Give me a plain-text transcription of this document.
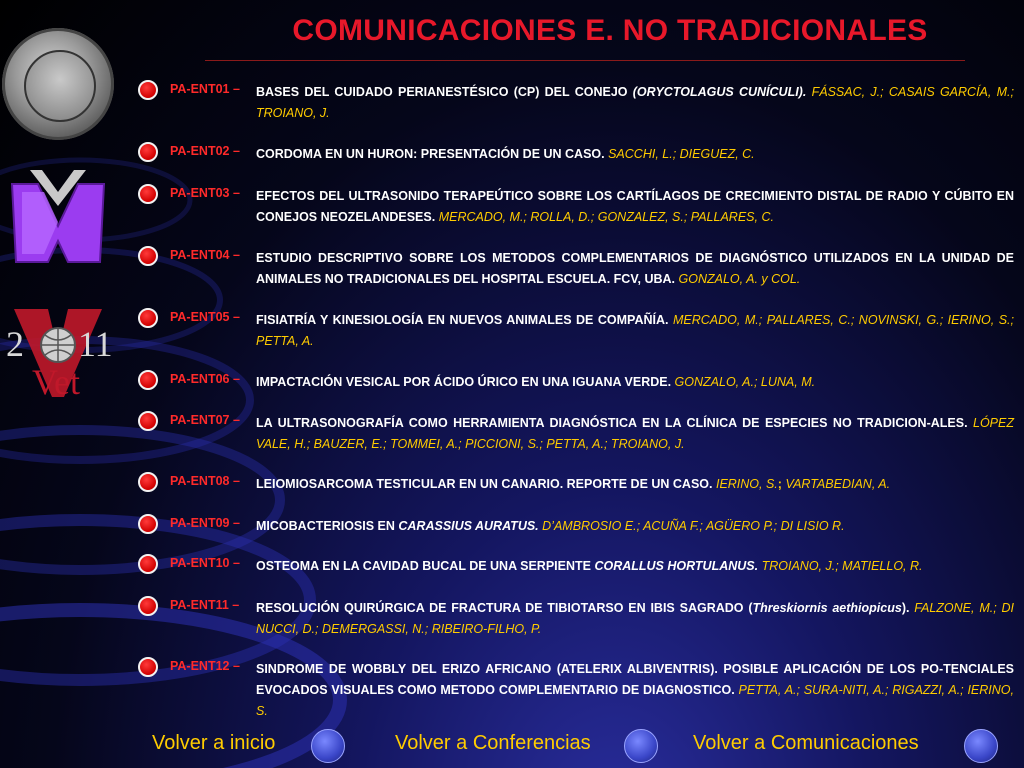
2 11
Vet
COMUNICACIONES E. NO TRADICIONALES
PA-ENT01 – BASES DEL CUIDADO PERIANESTÉSICO (CP) DEL CONEJO (ORYCTOLAGUS CUNÍCULI). FÁSSAC, J.; CASAIS GARCÍA, M.; TROIANO, J.
PA-ENT02 – CORDOMA EN UN HURON: PRESENTACIÓN DE UN CASO. SACCHI, L.; DIEGUEZ, C.
PA-ENT03 – EFECTOS DEL ULTRASONIDO TERAPEÚTICO SOBRE LOS CARTÍLAGOS DE CRECIMIENTO DISTAL DE RADIO Y CÚBITO EN CONEJOS NEOZELANDESES. MERCADO, M.; ROLLA, D.; GONZALEZ, S.; PALLARES, C.
PA-ENT04 – ESTUDIO DESCRIPTIVO SOBRE LOS METODOS COMPLEMENTARIOS DE DIAGNÓSTICO UTILIZADOS EN LA UNIDAD DE ANIMALES NO TRADICIONALES DEL HOSPITAL ESCUELA. FCV, UBA. GONZALO, A. y COL.
PA-ENT05 – FISIATRÍA Y KINESIOLOGÍA EN NUEVOS ANIMALES DE COMPAÑÍA. MERCADO, M.; PALLARES, C.; NOVINSKI, G.; IERINO, S.; PETTA, A.
PA-ENT06 – IMPACTACIÓN VESICAL POR ÁCIDO ÚRICO EN UNA IGUANA VERDE. GONZALO, A.; LUNA, M.
PA-ENT07 – LA ULTRASONOGRAFÍA COMO HERRAMIENTA DIAGNÓSTICA EN LA CLÍNICA DE ESPECIES NO TRADICION-ALES. LÓPEZ VALE, H.; BAUZER, E.; TOMMEI, A.; PICCIONI, S.; PETTA, A.; TROIANO, J.
PA-ENT08 – LEIOMIOSARCOMA TESTICULAR EN UN CANARIO. REPORTE DE UN CASO. IERINO, S.; VARTABEDIAN, A.
PA-ENT09 – MICOBACTERIOSIS EN CARASSIUS AURATUS. D’AMBROSIO E.; ACUÑA F.; AGÜERO P.; DI LISIO R.
PA-ENT10 – OSTEOMA EN LA CAVIDAD BUCAL DE UNA SERPIENTE CORALLUS HORTULANUS. TROIANO, J.; MATIELLO, R.
PA-ENT11 – RESOLUCIÓN QUIRÚRGICA DE FRACTURA DE TIBIOTARSO EN IBIS SAGRADO (Threskiornis aethiopicus). FALZONE, M.; DI NUCCI, D.; DEMERGASSI, N.; RIBEIRO-FILHO, P.
PA-ENT12 – SINDROME DE WOBBLY DEL ERIZO AFRICANO (ATELERIX ALBIVENTRIS). POSIBLE APLICACIÓN DE LOS PO-TENCIALES EVOCADOS VISUALES COMO METODO COMPLEMENTARIO DE DIAGNOSTICO. PETTA, A.; SURA-NITI, A.; RIGAZZI, A.; IERINO, S.
Volver a inicio	Volver a Conferencias	Volver a Comunicaciones
